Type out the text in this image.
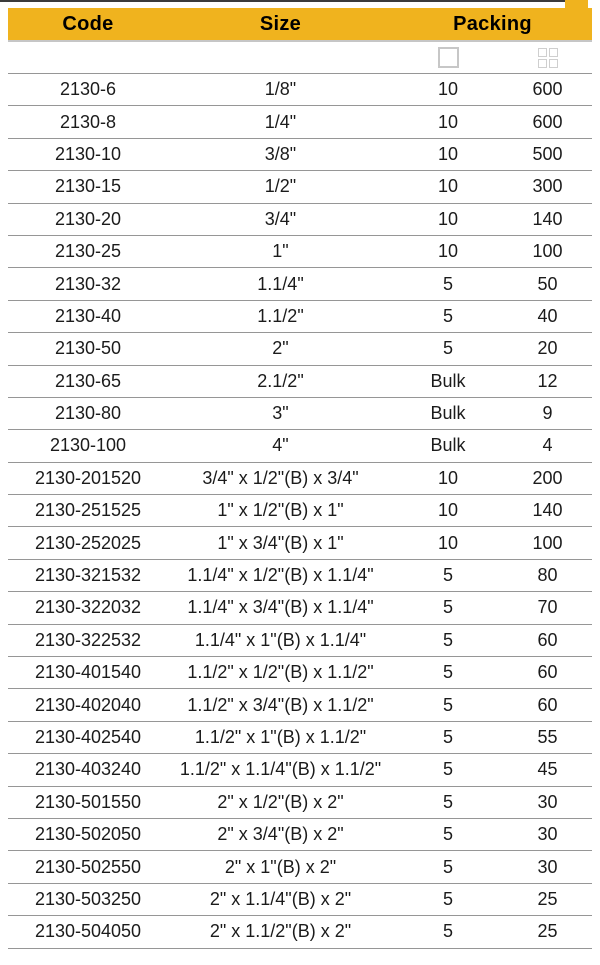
Code	Size	Packing
2130-6	1/8"	10	600
2130-8	1/4"	10	600
2130-10	3/8"	10	500
2130-15	1/2"	10	300
2130-20	3/4"	10	140
2130-25	1"	10	100
2130-32	1.1/4"	5	50
2130-40	1.1/2"	5	40
2130-50	2"	5	20
2130-65	2.1/2"	Bulk	12
2130-80	3"	Bulk	9
2130-100	4"	Bulk	4
2130-201520	3/4" x 1/2"(B) x 3/4"	10	200
2130-251525	1" x 1/2"(B) x 1"	10	140
2130-252025	1" x 3/4"(B) x 1"	10	100
2130-321532	1.1/4" x 1/2"(B) x 1.1/4"	5	80
2130-322032	1.1/4" x 3/4"(B) x 1.1/4"	5	70
2130-322532	1.1/4" x 1"(B) x 1.1/4"	5	60
2130-401540	1.1/2" x 1/2"(B) x 1.1/2"	5	60
2130-402040	1.1/2" x 3/4"(B) x 1.1/2"	5	60
2130-402540	1.1/2" x 1"(B) x 1.1/2"	5	55
2130-403240 1.1/2" x 1.1/4"(B) x 1.1/2"	5	45
2130-501550	2" x 1/2"(B) x 2"	5	30
2130-502050	2" x 3/4"(B) x 2"	5	30
2130-502550	2" x 1"(B) x 2"	5	30
2130-503250	2" x 1.1/4"(B) x 2"	5	25
2130-504050	2" x 1.1/2"(B) x 2"	5	25
